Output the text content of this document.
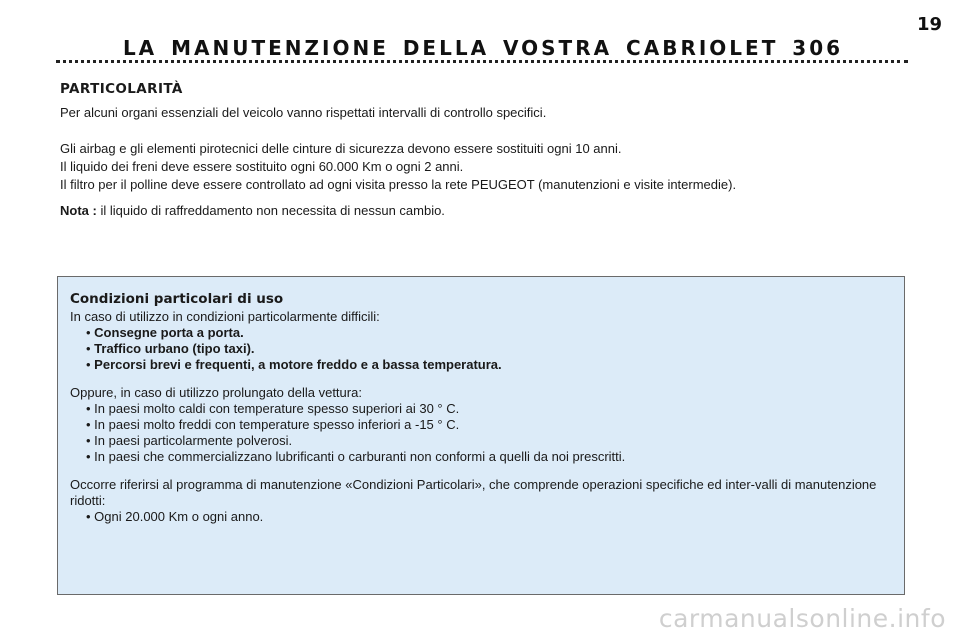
19
LA MANUTENZIONE DELLA VOSTRA CABRIOLET 306
PARTICOLARITÀ

Per alcuni organi essenziali del veicolo vanno rispettati intervalli di controllo specifici.

Gli airbag e gli elementi pirotecnici delle cinture di sicurezza devono essere sostituiti ogni 10 anni.

Il liquido dei freni deve essere sostituito ogni 60.000 Km o ogni 2 anni.

Il filtro per il polline deve essere controllato ad ogni visita presso la rete PEUGEOT (manutenzioni e visite intermedie).

Nota : il liquido di raffreddamento non necessita di nessun cambio.

Condizioni particolari di uso

In caso di utilizzo in condizioni particolarmente difficili:

• Consegne porta a porta.
• Traffico urbano (tipo taxi).
• Percorsi brevi e frequenti, a motore freddo e a bassa temperatura.

Oppure, in caso di utilizzo prolungato della vettura:

• In paesi molto caldi con temperature spesso superiori ai 30 ° C.
• In paesi molto freddi con temperature spesso inferiori a -15 ° C.
• In paesi particolarmente polverosi.
• In paesi che commercializzano lubrificanti o carburanti non conformi a quelli da noi prescritti.

Occorre riferirsi al programma di manutenzione «Condizioni Particolari», che comprende operazioni specifiche ed inter-valli di manutenzione ridotti:

• Ogni 20.000 Km o ogni anno.
carmanualsonline.info
